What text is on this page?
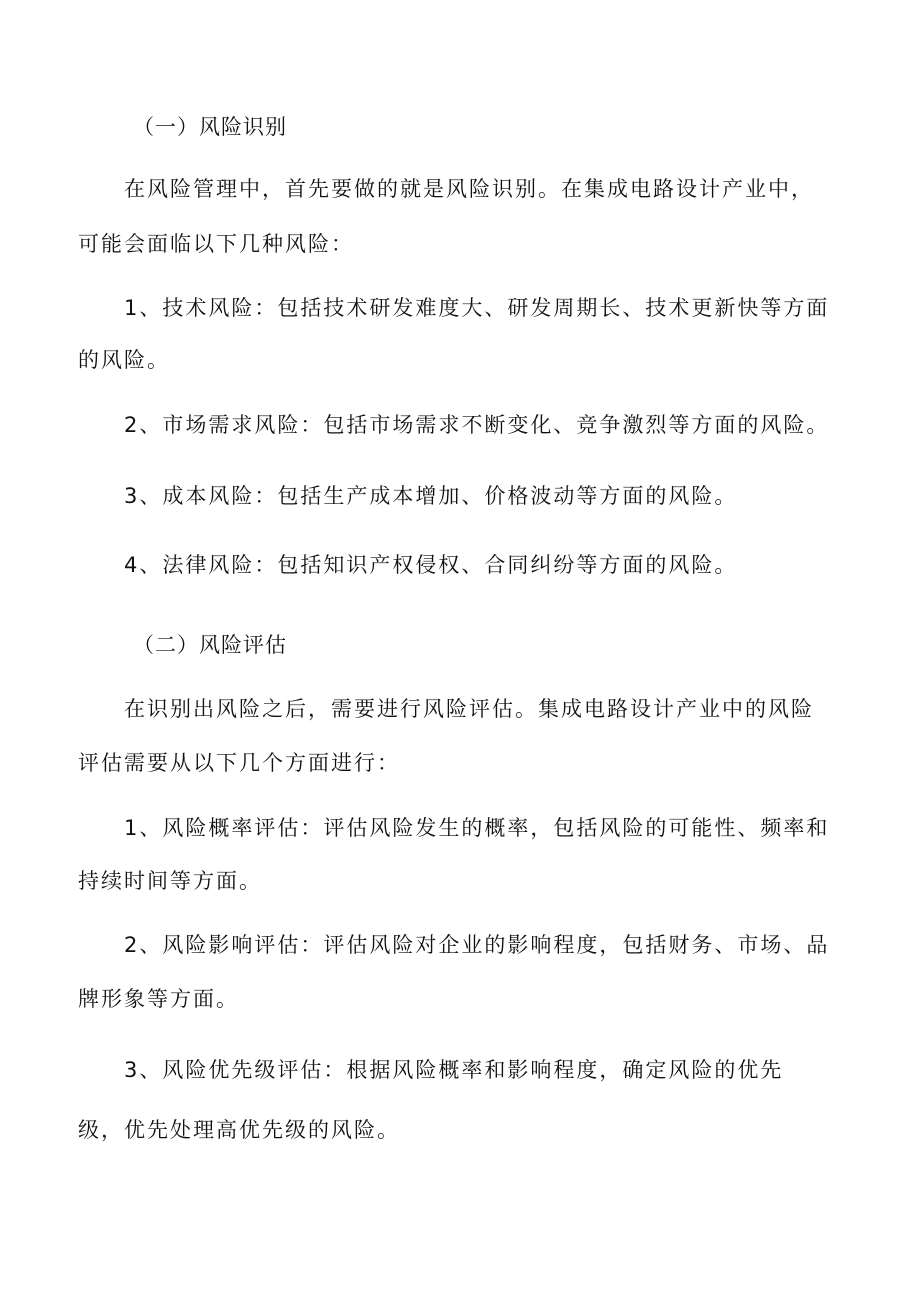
（一）风险识别
在风险管理中，首先要做的就是风险识别。在集成电路设计产业中，
可能会面临以下几种风险：
1、技术风险：包括技术研发难度大、研发周期长、技术更新快等方面
的风险。
2、市场需求风险：包括市场需求不断变化、竞争激烈等方面的风险。
3、成本风险：包括生产成本增加、价格波动等方面的风险。
4、法律风险：包括知识产权侵权、合同纠纷等方面的风险。
（二）风险评估
在识别出风险之后，需要进行风险评估。集成电路设计产业中的风险
评估需要从以下几个方面进行：
1、风险概率评估：评估风险发生的概率，包括风险的可能性、频率和
持续时间等方面。
2、风险影响评估：评估风险对企业的影响程度，包括财务、市场、品
牌形象等方面。
3、风险优先级评估：根据风险概率和影响程度，确定风险的优先
级，优先处理高优先级的风险。
